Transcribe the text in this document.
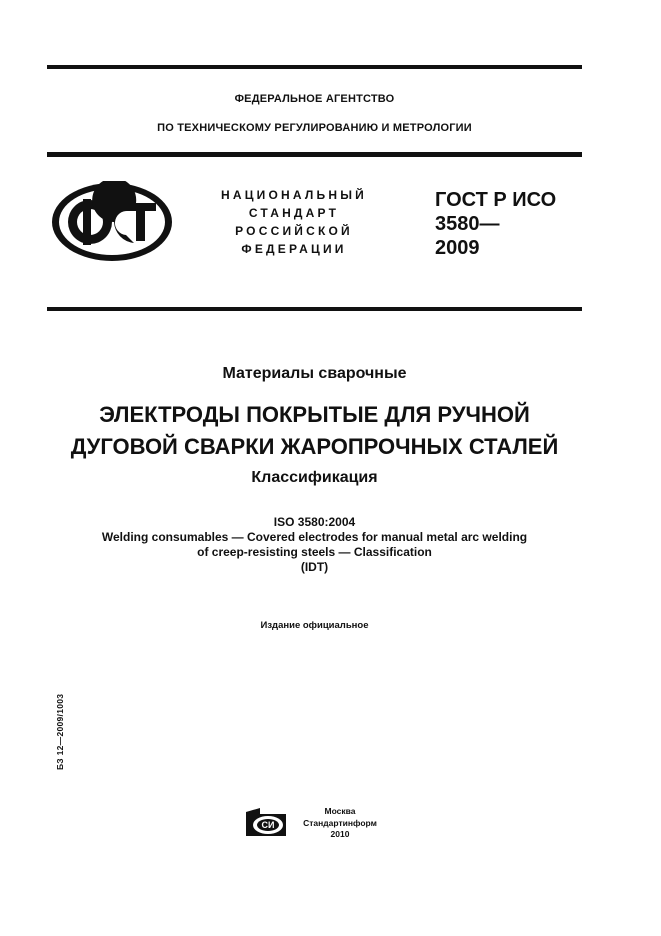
ФЕДЕРАЛЬНОЕ АГЕНТСТВО
ПО ТЕХНИЧЕСКОМУ РЕГУЛИРОВАНИЮ И МЕТРОЛОГИИ
НАЦИОНАЛЬНЫЙ
СТАНДАРТ
РОССИЙСКОЙ
ФЕДЕРАЦИИ
ГОСТ Р ИСО
3580—
2009
Материалы сварочные
ЭЛЕКТРОДЫ ПОКРЫТЫЕ ДЛЯ РУЧНОЙ
ДУГОВОЙ СВАРКИ ЖАРОПРОЧНЫХ СТАЛЕЙ
Классификация
ISO 3580:2004
Welding consumables — Covered electrodes for manual metal arc welding
of creep-resisting steels — Classification
(IDT)
Издание официальное
БЗ 12—2009/1003
СИ
Москва
Стандартинформ
2010
